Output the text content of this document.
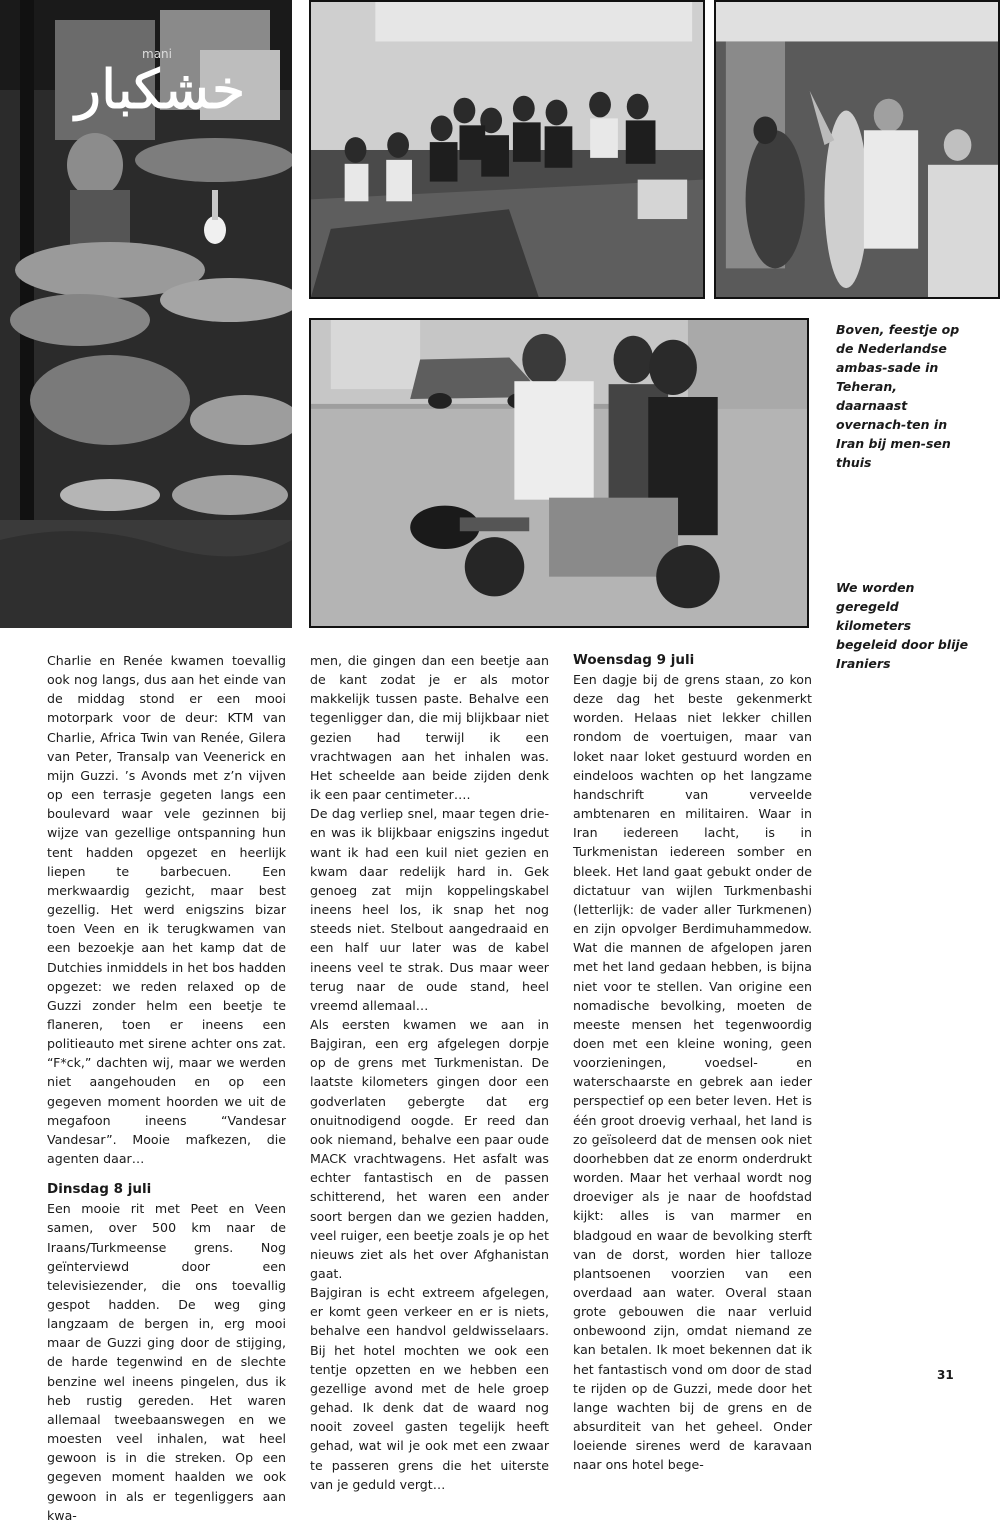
خشکبار
mani
Boven, feestje op de Nederlandse ambas-sade in Teheran, daarnaast overnach-ten in Iran bij men-sen thuis
We worden geregeld kilometers begeleid door blije Iraniers

Charlie en Renée kwamen toevallig ook nog langs, dus aan het einde van de middag stond er een mooi motorpark voor de deur: KTM van Charlie, Africa Twin van Renée, Gilera van Peter, Transalp van Veenerick en mijn Guzzi. ’s Avonds met z’n vijven op een terrasje gegeten langs een boulevard waar vele gezinnen bij wijze van gezellige ontspanning hun tent hadden opgezet en heerlijk liepen te barbecuen. Een merkwaardig gezicht, maar best gezellig. Het werd enigszins bizar toen Veen en ik terugkwamen van een bezoekje aan het kamp dat de Dutchies inmiddels in het bos hadden opgezet: we reden relaxed op de Guzzi zonder helm een beetje te flaneren, toen er ineens een politieauto met sirene achter ons zat. “F*ck,” dachten wij, maar we werden niet aangehouden en op een gegeven moment hoorden we uit de megafoon ineens “Vandesar Vandesar”. Mooie mafkezen, die agenten daar…

Dinsdag 8 juli

Een mooie rit met Peet en Veen samen, over 500 km naar de Iraans/Turkmeense grens. Nog geïnterviewd door een televisiezender, die ons toevallig gespot hadden. De weg ging langzaam de bergen in, erg mooi maar de Guzzi ging door de stijging, de harde tegenwind en de slechte benzine wel ineens pingelen, dus ik heb rustig gereden. Het waren allemaal tweebaanswegen en we moesten veel inhalen, wat heel gewoon is in die streken. Op een gegeven moment haalden we ook gewoon in als er tegenliggers aan kwa-

men, die gingen dan een beetje aan de kant zodat je er als motor makkelijk tussen paste. Behalve een tegenligger dan, die mij blijkbaar niet gezien had terwijl ik een vrachtwagen aan het inhalen was. Het scheelde aan beide zijden denk ik een paar centimeter….

De dag verliep snel, maar tegen drie-en was ik blijkbaar enigszins ingedut want ik had een kuil niet gezien en kwam daar redelijk hard in. Gek genoeg zat mijn koppelingskabel ineens heel los, ik snap het nog steeds niet. Stelbout aangedraaid en een half uur later was de kabel ineens veel te strak. Dus maar weer terug naar de oude stand, heel vreemd allemaal…

Als eersten kwamen we aan in Bajgiran, een erg afgelegen dorpje op de grens met Turkmenistan. De laatste kilometers gingen door een godverlaten gebergte dat erg onuitnodigend oogde. Er reed dan ook niemand, behalve een paar oude MACK vrachtwagens. Het asfalt was echter fantastisch en de passen schitterend, het waren een ander soort bergen dan we gezien hadden, veel ruiger, een beetje zoals je op het nieuws ziet als het over Afghanistan gaat.

Bajgiran is echt extreem afgelegen, er komt geen verkeer en er is niets, behalve een handvol geldwisselaars. Bij het hotel mochten we ook een tentje opzetten en we hebben een gezellige avond met de hele groep gehad. Ik denk dat de waard nog nooit zoveel gasten tegelijk heeft gehad, wat wil je ook met een zwaar te passeren grens die het uiterste van je geduld vergt…

Woensdag 9 juli

Een dagje bij de grens staan, zo kon deze dag het beste gekenmerkt worden. Helaas niet lekker chillen rondom de voertuigen, maar van loket naar loket gestuurd worden en eindeloos wachten op het langzame handschrift van verveelde ambtenaren en militairen. Waar in Iran iedereen lacht, is in Turkmenistan iedereen somber en bleek. Het land gaat gebukt onder de dictatuur van wijlen Turkmenbashi (letterlijk: de vader aller Turkmenen) en zijn opvolger Berdimuhammedow. Wat die mannen de afgelopen jaren met het land gedaan hebben, is bijna niet voor te stellen. Van origine een nomadische bevolking, moeten de meeste mensen het tegenwoordig doen met een kleine woning, geen voorzieningen, voedsel- en waterschaarste en gebrek aan ieder perspectief op een beter leven. Het is één groot droevig verhaal, het land is zo geïsoleerd dat de mensen ook niet doorhebben dat ze enorm onderdrukt worden. Maar het verhaal wordt nog droeviger als je naar de hoofdstad kijkt: alles is van marmer en bladgoud en waar de bevolking sterft van de dorst, worden hier talloze plantsoenen voorzien van een overdaad aan water. Overal staan grote gebouwen die naar verluid onbewoond zijn, omdat niemand ze kan betalen. Ik moet bekennen dat ik het fantastisch vond om door de stad te rijden op de Guzzi, mede door het lange wachten bij de grens en de absurditeit van het geheel. Onder loeiende sirenes werd de karavaan naar ons hotel bege-

31
